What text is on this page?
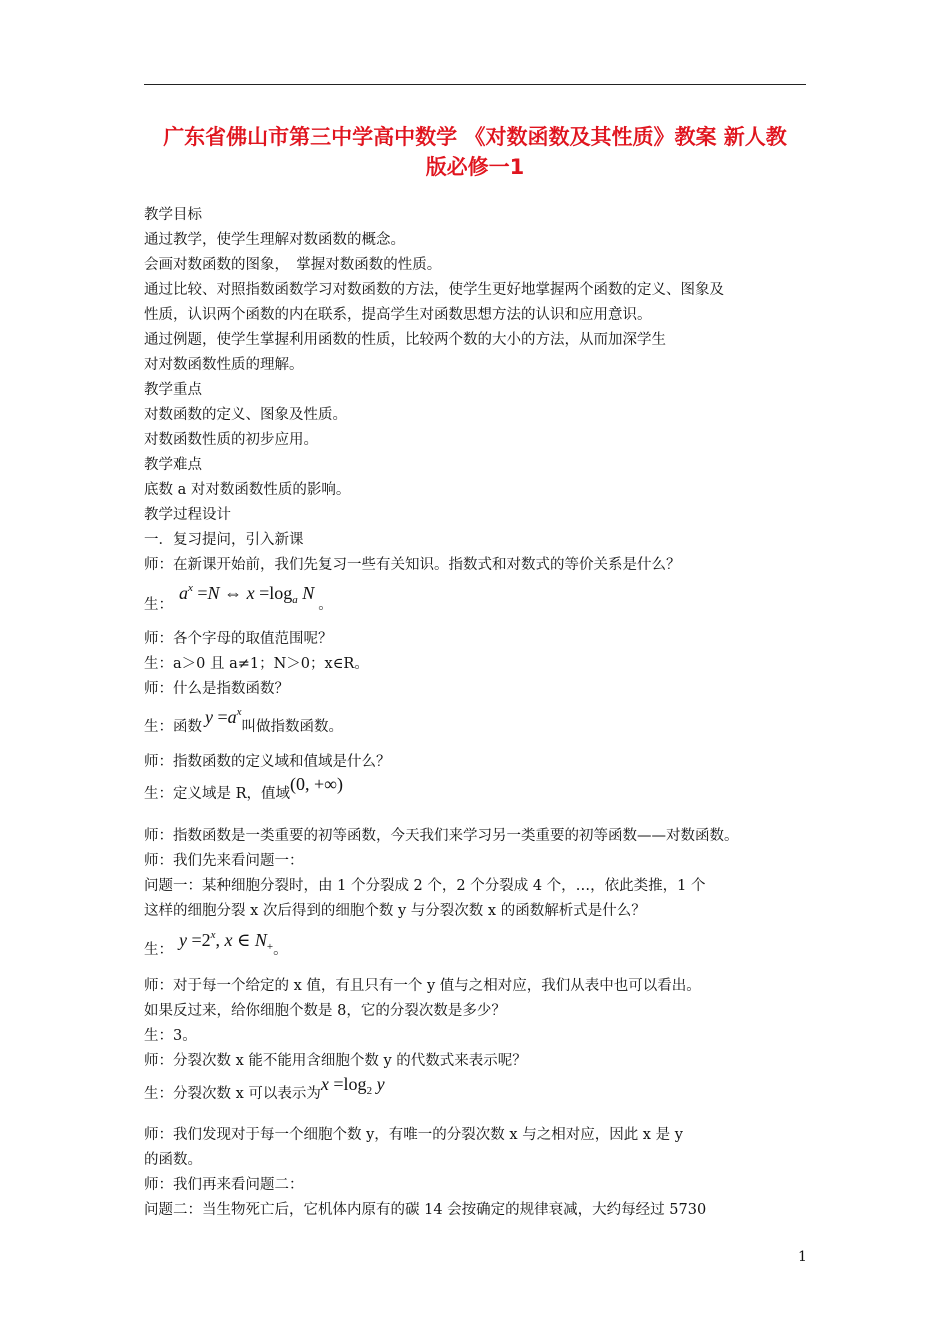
广东省佛山市第三中学高中数学 《对数函数及其性质》教案 新人教
版必修一1
教学目标
通过教学，使学生理解对数函数的概念。
会画对数函数的图象，　掌握对数函数的性质。
通过比较、对照指数函数学习对数函数的方法，使学生更好地掌握两个函数的定义、图象及
性质，认识两个函数的内在联系，提高学生对函数思想方法的认识和应用意识。
通过例题，使学生掌握利用函数的性质，比较两个数的大小的方法，从而加深学生
对对数函数性质的理解。
教学重点
对数函数的定义、图象及性质。
对数函数性质的初步应用。
教学难点
底数 a 对对数函数性质的影响。
教学过程设计
一．复习提问，引入新课
师：在新课开始前，我们先复习一些有关知识。指数式和对数式的等价关系是什么？
生：$a^x =N$ ⇔ $x =\log_a$ N。
师：各个字母的取值范围呢？
生：a＞0 且 a≠1；N＞0；x∈R。
师：什么是指数函数？
生：函数 $y =a^x$叫做指数函数。
师：指数函数的定义域和值域是什么？
生：定义域是 R，值域(0, +∞)
师：指数函数是一类重要的初等函数，今天我们来学习另一类重要的初等函数——对数函数。
师：我们先来看问题一：
问题一：某种细胞分裂时，由 1 个分裂成 2 个，2 个分裂成 4 个，…，依此类推，1 个
这样的细胞分裂 x 次后得到的细胞个数 y 与分裂次数 x 的函数解析式是什么？
生： $y =2^x$, x ∈ $N_+$。
师：对于每一个给定的 x 值，有且只有一个 y 值与之相对应，我们从表中也可以看出。
如果反过来，给你细胞个数是 8，它的分裂次数是多少？
生：3。
师：分裂次数 x 能不能用含细胞个数 y 的代数式来表示呢？
生：分裂次数 x 可以表示为$x =\log_2$ y
师：我们发现对于每一个细胞个数 y，有唯一的分裂次数 x 与之相对应，因此 x 是 y
的函数。
师：我们再来看问题二：
问题二：当生物死亡后，它机体内原有的碳 14 会按确定的规律衰减，大约每经过 5730
1
